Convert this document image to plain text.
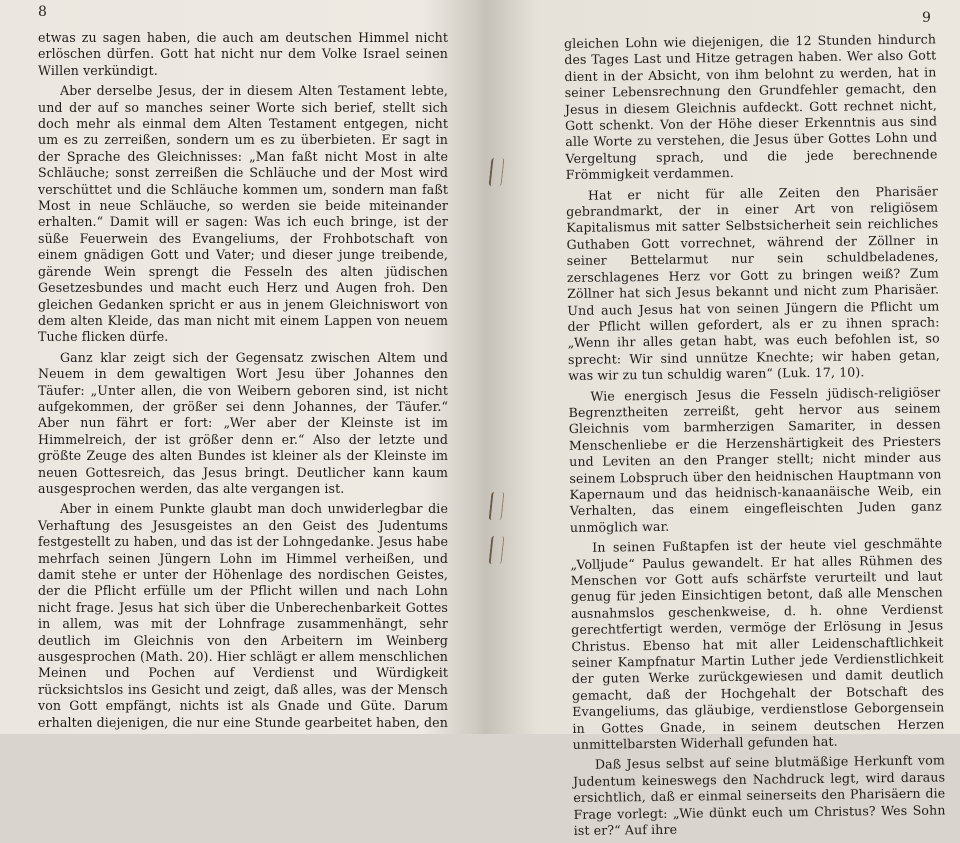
8

etwas zu sagen haben, die auch am deutschen Himmel nicht erlöschen dürfen. Gott hat nicht nur dem Volke Israel seinen Willen verkündigt.

Aber derselbe Jesus, der in diesem Alten Testament lebte, und der auf so manches seiner Worte sich berief, stellt sich doch mehr als einmal dem Alten Testament entgegen, nicht um es zu zerreißen, sondern um es zu überbieten. Er sagt in der Sprache des Gleichnisses: „Man faßt nicht Most in alte Schläuche; sonst zerreißen die Schläuche und der Most wird verschüttet und die Schläuche kommen um, sondern man faßt Most in neue Schläuche, so werden sie beide miteinander erhalten.“ Damit will er sagen: Was ich euch bringe, ist der süße Feuerwein des Evangeliums, der Frohbotschaft von einem gnädigen Gott und Vater; und dieser junge treibende, gärende Wein sprengt die Fesseln des alten jüdischen Gesetzesbundes und macht euch Herz und Augen froh. Den gleichen Gedanken spricht er aus in jenem Gleichniswort von dem alten Kleide, das man nicht mit einem Lappen von neuem Tuche flicken dürfe.

Ganz klar zeigt sich der Gegensatz zwischen Altem und Neuem in dem gewaltigen Wort Jesu über Johannes den Täufer: „Unter allen, die von Weibern geboren sind, ist nicht aufgekommen, der größer sei denn Johannes, der Täufer.“ Aber nun fährt er fort: „Wer aber der Kleinste ist im Himmelreich, der ist größer denn er.“ Also der letzte und größte Zeuge des alten Bundes ist kleiner als der Kleinste im neuen Gottesreich, das Jesus bringt. Deutlicher kann kaum ausgesprochen werden, das alte vergangen ist.

Aber in einem Punkte glaubt man doch unwiderlegbar die Verhaftung des Jesusgeistes an den Geist des Judentums festgestellt zu haben, und das ist der Lohngedanke. Jesus habe mehrfach seinen Jüngern Lohn im Himmel verheißen, und damit stehe er unter der Höhenlage des nordischen Geistes, der die Pflicht erfülle um der Pflicht willen und nach Lohn nicht frage. Jesus hat sich über die Unberechenbarkeit Gottes in allem, was mit der Lohnfrage zusammenhängt, sehr deutlich im Gleichnis von den Arbeitern im Weinberg ausgesprochen (Math. 20). Hier schlägt er allem menschlichen Meinen und Pochen auf Verdienst und Würdigkeit rücksichtslos ins Gesicht und zeigt, daß alles, was der Mensch von Gott empfängt, nichts ist als Gnade und Güte. Darum erhalten diejenigen, die nur eine Stunde gearbeitet haben, den

9

gleichen Lohn wie diejenigen, die 12 Stunden hindurch des Tages Last und Hitze getragen haben. Wer also Gott dient in der Absicht, von ihm belohnt zu werden, hat in seiner Lebensrechnung den Grundfehler gemacht, den Jesus in diesem Gleichnis aufdeckt. Gott rechnet nicht, Gott schenkt. Von der Höhe dieser Erkenntnis aus sind alle Worte zu verstehen, die Jesus über Gottes Lohn und Vergeltung sprach, und die jede berechnende Frömmigkeit verdammen.

Hat er nicht für alle Zeiten den Pharisäer gebrandmarkt, der in einer Art von religiösem Kapitalismus mit satter Selbstsicherheit sein reichliches Guthaben Gott vorrechnet, während der Zöllner in seiner Bettelarmut nur sein schuldbeladenes, zerschlagenes Herz vor Gott zu bringen weiß? Zum Zöllner hat sich Jesus bekannt und nicht zum Pharisäer. Und auch Jesus hat von seinen Jüngern die Pflicht um der Pflicht willen gefordert, als er zu ihnen sprach: „Wenn ihr alles getan habt, was euch befohlen ist, so sprecht: Wir sind unnütze Knechte; wir haben getan, was wir zu tun schuldig waren“ (Luk. 17, 10).

Wie energisch Jesus die Fesseln jüdisch-religiöser Begrenztheiten zerreißt, geht hervor aus seinem Gleichnis vom barmherzigen Samariter, in dessen Menschenliebe er die Herzenshärtigkeit des Priesters und Leviten an den Pranger stellt; nicht minder aus seinem Lobspruch über den heidnischen Hauptmann von Kapernaum und das heidnisch-kanaanäische Weib, ein Verhalten, das einem eingefleischten Juden ganz unmöglich war.

In seinen Fußtapfen ist der heute viel geschmähte „Volljude“ Paulus gewandelt. Er hat alles Rühmen des Menschen vor Gott aufs schärfste verurteilt und laut genug für jeden Einsichtigen betont, daß alle Menschen ausnahmslos geschenkweise, d. h. ohne Verdienst gerechtfertigt werden, vermöge der Erlösung in Jesus Christus. Ebenso hat mit aller Leidenschaftlichkeit seiner Kampfnatur Martin Luther jede Verdienstlichkeit der guten Werke zurückgewiesen und damit deutlich gemacht, daß der Hochgehalt der Botschaft des Evangeliums, das gläubige, verdienstlose Geborgensein in Gottes Gnade, in seinem deutschen Herzen unmittelbarsten Widerhall gefunden hat.

Daß Jesus selbst auf seine blutmäßige Herkunft vom Judentum keineswegs den Nachdruck legt, wird daraus ersichtlich, daß er einmal seinerseits den Pharisäern die Frage vorlegt: „Wie dünkt euch um Christus? Wes Sohn ist er?“ Auf ihre
